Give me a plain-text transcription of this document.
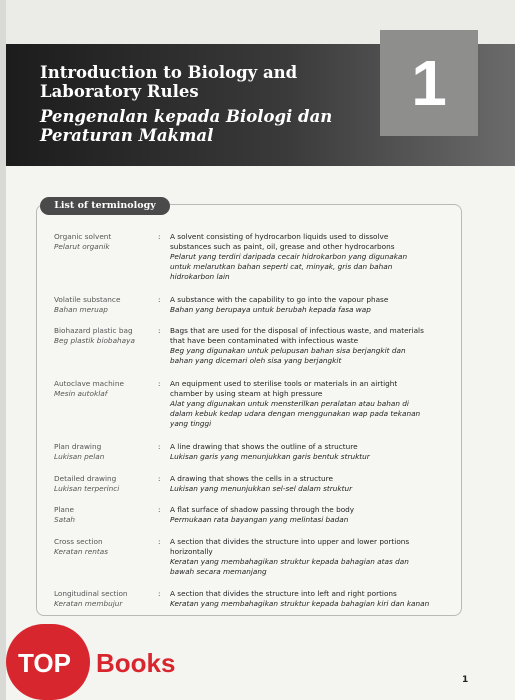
1
Introduction to Biology and
Laboratory Rules
Pengenalan kepada Biologi dan
Peraturan Makmal
List of terminology
Organic solvent
Pelarut organik
: A solvent consisting of hydrocarbon liquids used to dissolve
substances such as paint, oil, grease and other hydrocarbons
Pelarut yang terdiri daripada cecair hidrokarbon yang digunakan
untuk melarutkan bahan seperti cat, minyak, gris dan bahan
hidrokarbon lain
Volatile substance
Bahan meruap
: A substance with the capability to go into the vapour phase
Bahan yang berupaya untuk berubah kepada fasa wap
Biohazard plastic bag
Beg plastik biobahaya
: Bags that are used for the disposal of infectious waste, and materials
that have been contaminated with infectious waste
Beg yang digunakan untuk pelupusan bahan sisa berjangkit dan
bahan yang dicemari oleh sisa yang berjangkit
Autoclave machine
Mesin autoklaf
: An equipment used to sterilise tools or materials in an airtight
chamber by using steam at high pressure
Alat yang digunakan untuk mensterilkan peralatan atau bahan di
dalam kebuk kedap udara dengan menggunakan wap pada tekanan
yang tinggi
Plan drawing
Lukisan pelan
: A line drawing that shows the outline of a structure
Lukisan garis yang menunjukkan garis bentuk struktur
Detailed drawing
Lukisan terperinci
: A drawing that shows the cells in a structure
Lukisan yang menunjukkan sel-sel dalam struktur
Plane
Satah
: A flat surface of shadow passing through the body
Permukaan rata bayangan yang melintasi badan
Cross section
Keratan rentas
: A section that divides the structure into upper and lower portions
horizontally
Keratan yang membahagikan struktur kepada bahagian atas dan
bawah secara memanjang
Longitudinal section
Keratan membujur
: A section that divides the structure into left and right portions
Keratan yang membahagikan struktur kepada bahagian kiri dan kanan
TOP Books
1
